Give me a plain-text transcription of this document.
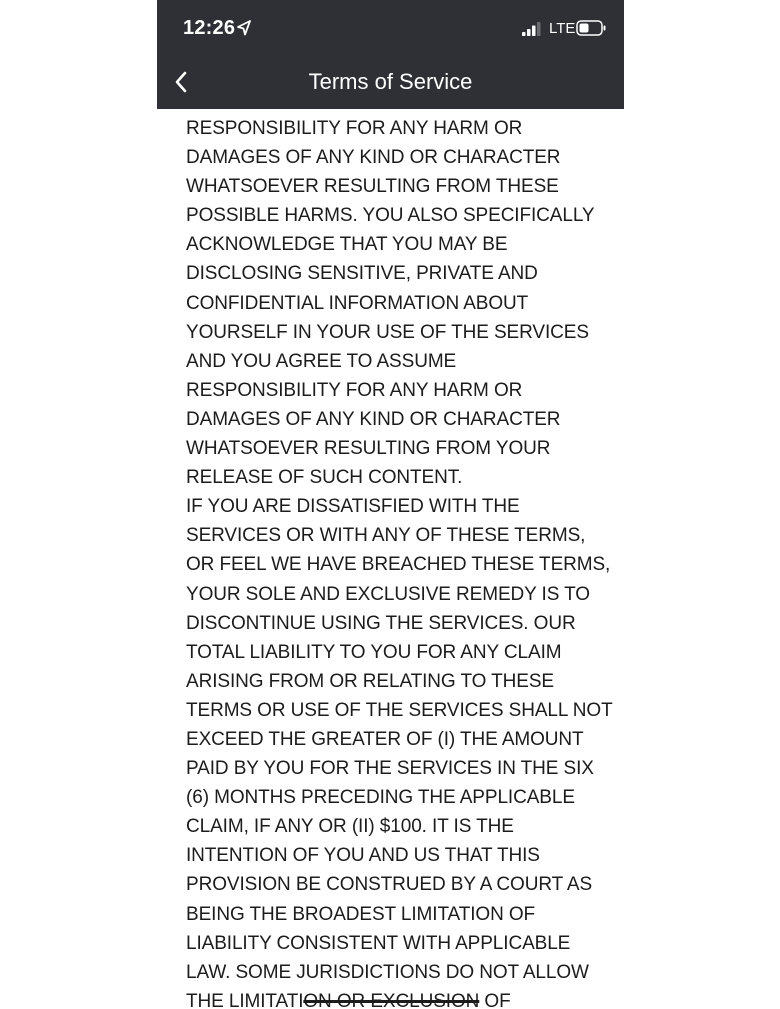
12:26	LTE
Terms of Service
RESPONSIBILITY FOR ANY HARM OR
DAMAGES OF ANY KIND OR CHARACTER
WHATSOEVER RESULTING FROM THESE
POSSIBLE HARMS. YOU ALSO SPECIFICALLY
ACKNOWLEDGE THAT YOU MAY BE
DISCLOSING SENSITIVE, PRIVATE AND
CONFIDENTIAL INFORMATION ABOUT
YOURSELF IN YOUR USE OF THE SERVICES
AND YOU AGREE TO ASSUME
RESPONSIBILITY FOR ANY HARM OR
DAMAGES OF ANY KIND OR CHARACTER
WHATSOEVER RESULTING FROM YOUR
RELEASE OF SUCH CONTENT.
IF YOU ARE DISSATISFIED WITH THE
SERVICES OR WITH ANY OF THESE TERMS,
OR FEEL WE HAVE BREACHED THESE TERMS,
YOUR SOLE AND EXCLUSIVE REMEDY IS TO
DISCONTINUE USING THE SERVICES. OUR
TOTAL LIABILITY TO YOU FOR ANY CLAIM
ARISING FROM OR RELATING TO THESE
TERMS OR USE OF THE SERVICES SHALL NOT
EXCEED THE GREATER OF (I) THE AMOUNT
PAID BY YOU FOR THE SERVICES IN THE SIX
(6) MONTHS PRECEDING THE APPLICABLE
CLAIM, IF ANY OR (II) $100. IT IS THE
INTENTION OF YOU AND US THAT THIS
PROVISION BE CONSTRUED BY A COURT AS
BEING THE BROADEST LIMITATION OF
LIABILITY CONSISTENT WITH APPLICABLE
LAW. SOME JURISDICTIONS DO NOT ALLOW
THE LIMITATION OR EXCLUSION OF
